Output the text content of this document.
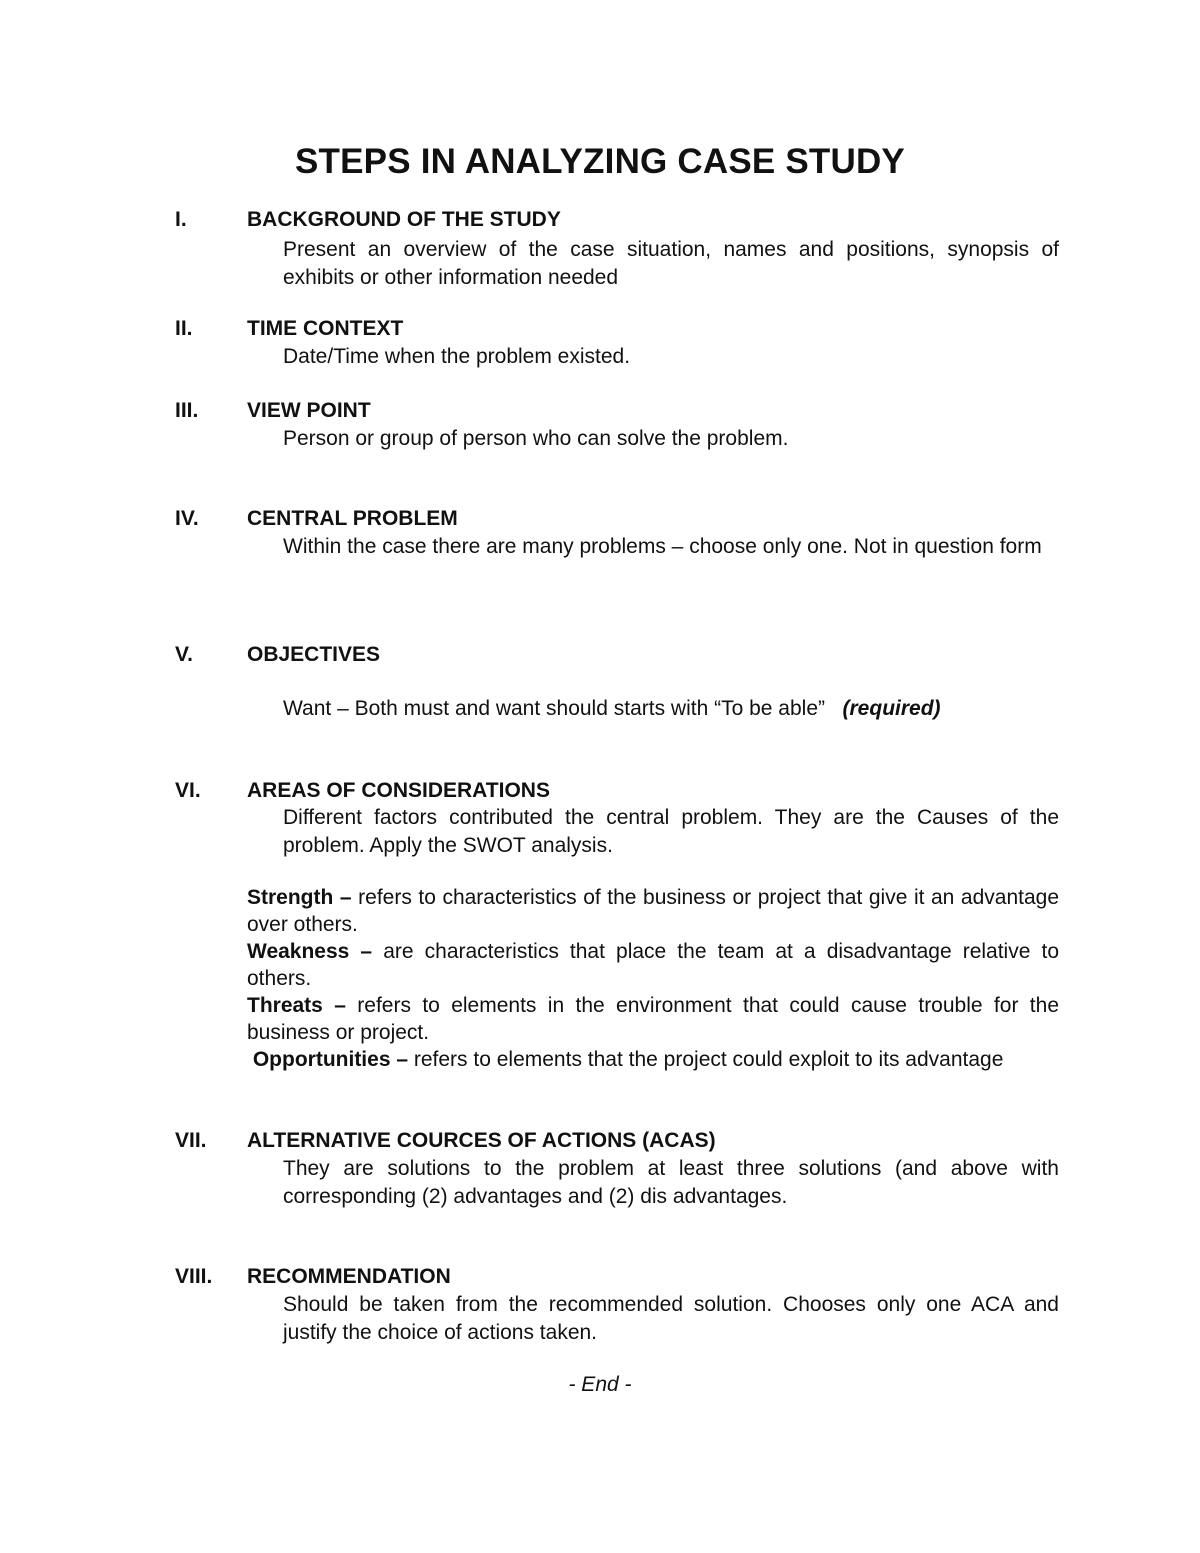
STEPS IN ANALYZING CASE STUDY
I.	BACKGROUND OF THE STUDY
Present an overview of the case situation, names and positions, synopsis of exhibits or other information needed
II.	TIME CONTEXT
Date/Time when the problem existed.
III. VIEW POINT
Person or group of person who can solve the problem.
IV. CENTRAL PROBLEM
Within the case there are many problems – choose only one. Not in question form
V.	OBJECTIVES
Want – Both must and want should starts with “To be able” (required)
VI. AREAS OF CONSIDERATIONS
Different factors contributed the central problem. They are the Causes of the problem. Apply the SWOT analysis.
Strength – refers to characteristics of the business or project that give it an advantage over others.
Weakness – are characteristics that place the team at a disadvantage relative to others.
Threats – refers to elements in the environment that could cause trouble for the business or project.
Opportunities – refers to elements that the project could exploit to its advantage
VII. ALTERNATIVE COURCES OF ACTIONS (ACAS)
They are solutions to the problem at least three solutions (and above with corresponding (2) advantages and (2) dis advantages.
VIII. RECOMMENDATION
Should be taken from the recommended solution. Chooses only one ACA and justify the choice of actions taken.
- End -
